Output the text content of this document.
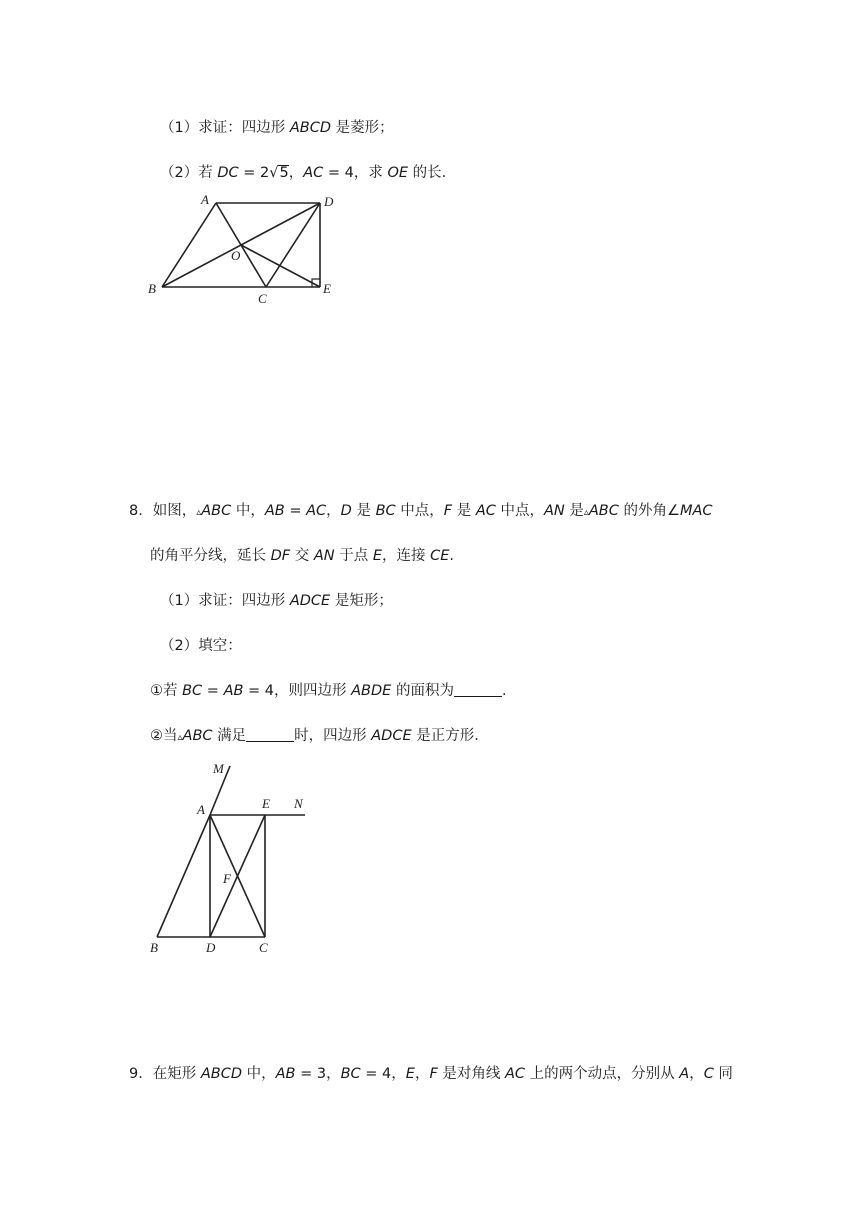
（1）求证：四边形 ABCD 是菱形；
（2）若 DC = 2√5，AC = 4，求 OE 的长．
A	D
O
B
C
E
8．如图，▵ABC 中，AB = AC，D 是 BC 中点，F 是 AC 中点，AN 是▵ABC 的外角∠MAC
的角平分线，延长 DF 交 AN 于点 E，连接 CE.
（1）求证：四边形 ADCE 是矩形；
（2）填空：
①若 BC = AB = 4，则四边形 ABDE 的面积为	．
②当▵ABC 满足	时，四边形 ADCE 是正方形．
M
A	E N
F
B	D	C
9．在矩形 ABCD 中，AB = 3，BC = 4，E，F 是对角线 AC 上的两个动点，分别从 A，C 同
